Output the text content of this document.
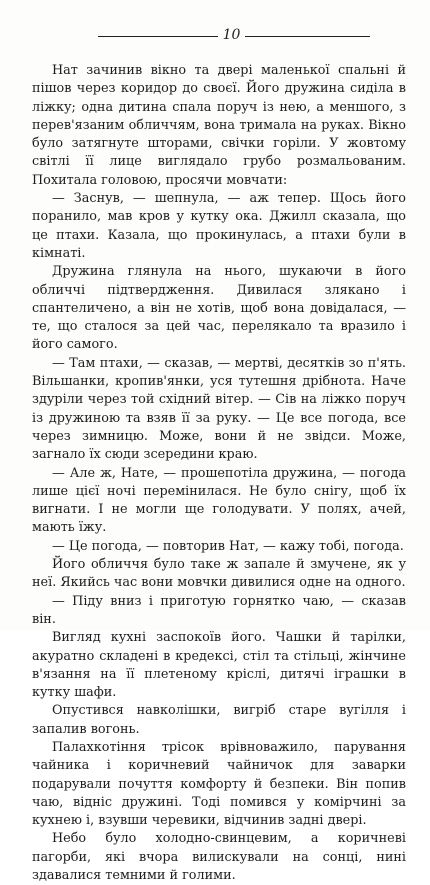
10

Нат зачинив вікно та двері маленької спальні й пішов через коридор до своєї. Його дружина сиділа в ліжку; одна дитина спала поруч із нею, а меншого, з перев'язаним обличчям, вона тримала на руках. Вікно було затягнуте шторами, свічки горіли. У жовтому світлі її лице виглядало грубо розмальованим. Похитала головою, просячи мовчати:

— Заснув, — шепнула, — аж тепер. Щось його поранило, мав кров у кутку ока. Джилл сказала, що це птахи. Казала, що прокинулась, а птахи були в кімнаті.

Дружина глянула на нього, шукаючи в його обличчі підтвердження. Дивилася злякано і спантеличено, а він не хотів, щоб вона довідалася, — те, що сталося за цей час, перелякало та вразило і його самого.

— Там птахи, — сказав, — мертві, десятків зо п'ять. Вільшанки, кропив'янки, уся тутешня дрібнота. Наче здуріли через той східний вітер. — Сів на ліжко поруч із дружиною та взяв її за руку. — Це все погода, все через зимницю. Може, вони й не звідси. Може, загнало їх сюди зсередини краю.

— Але ж, Нате, — прошепотіла дружина, — погода лише цієї ночі перемінилася. Не було снігу, щоб їх вигнати. І не могли ще голодувати. У полях, ачей, мають їжу.

— Це погода, — повторив Нат, — кажу тобі, погода.

Його обличчя було таке ж запале й змучене, як у неї. Якийсь час вони мовчки дивилися одне на одного.

— Піду вниз і приготую горнятко чаю, — сказав він.

Вигляд кухні заспокоїв його. Чашки й тарілки, акуратно складені в кредексі, стіл та стільці, жінчине в'язання на її плетеному кріслі, дитячі іграшки в кутку шафи.

Опустився навколішки, вигріб старе вугілля і запалив вогонь.

Палахкотіння трісок врівноважило, парування чайника і коричневий чайничок для заварки подарували почуття комфорту й безпеки. Він попив чаю, відніс дружині. Тоді помився у комірчині за кухнею і, взувши черевики, відчинив задні двері.

Небо було холодно-свинцевим, а коричневі пагорби, які вчора вилискували на сонці, нині здавалися темними й голими.
